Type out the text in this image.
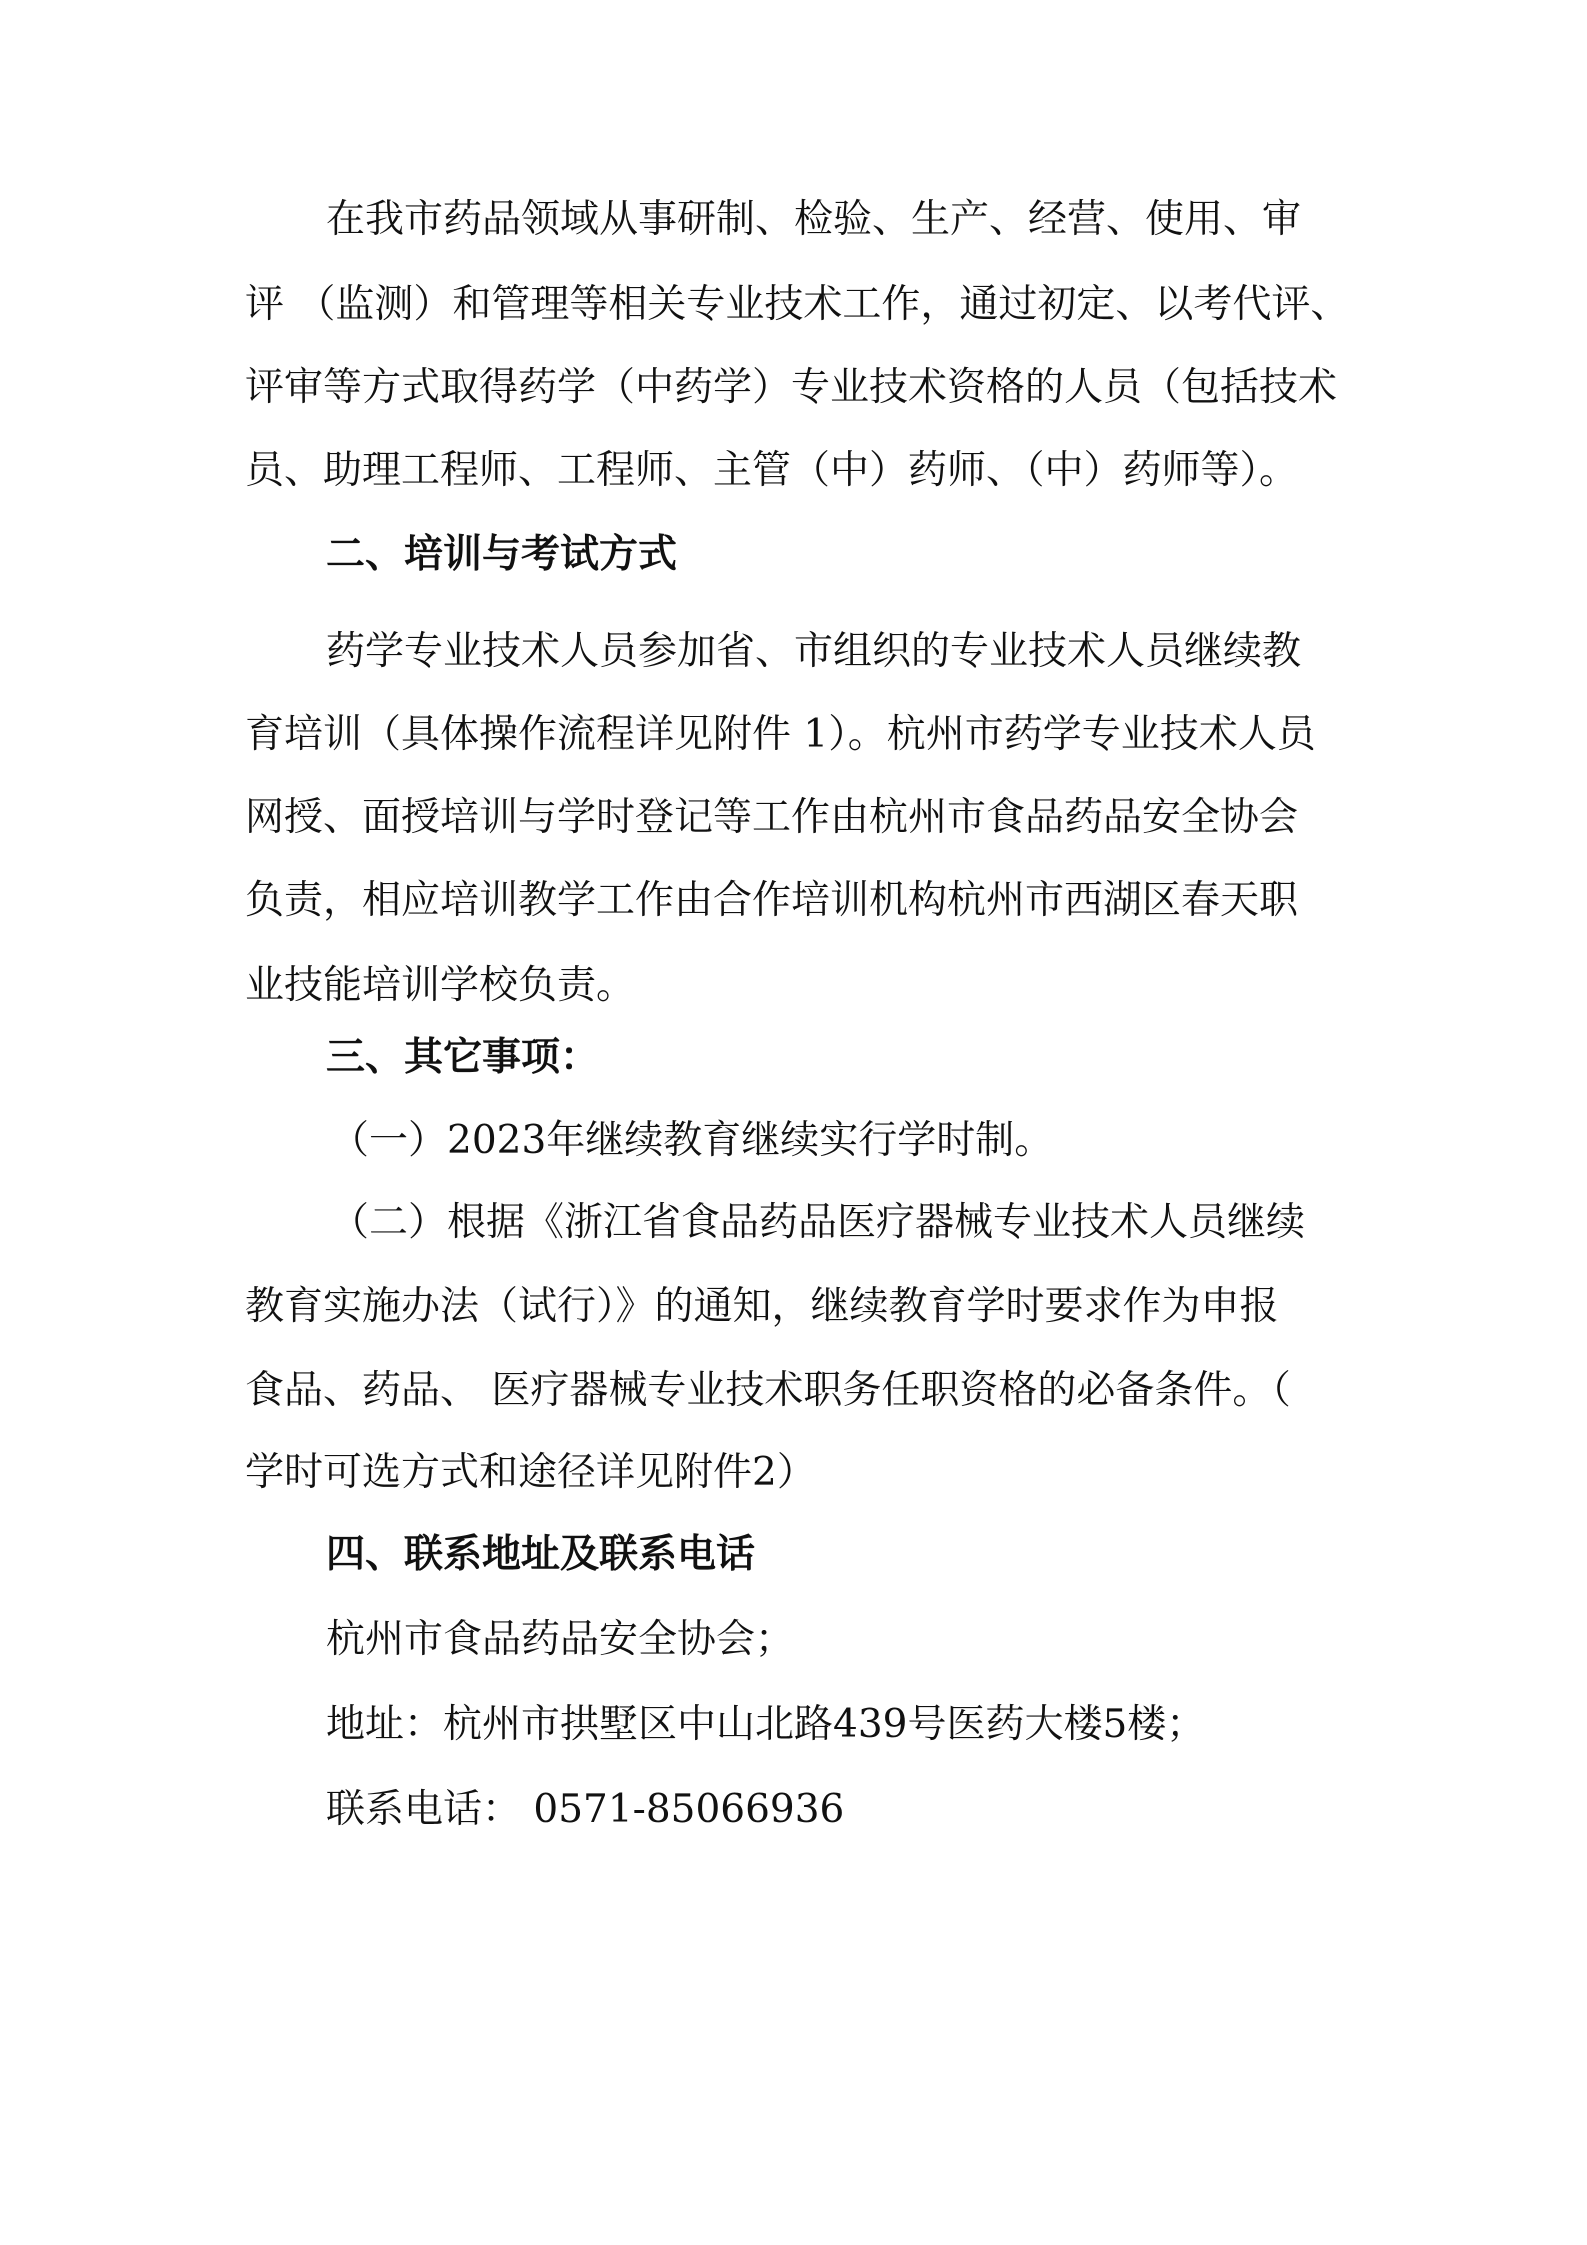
在我市药品领域从事研制、检验、生产、经营、使用、审

评 （监测）和管理等相关专业技术工作，通过初定、以考代评、

评审等方式取得药学（中药学）专业技术资格的人员（包括技术

员、助理工程师、工程师、主管（中）药师、（中）药师等）。

二、培训与考试方式

药学专业技术人员参加省、市组织的专业技术人员继续教

育培训（具体操作流程详见附件 1）。杭州市药学专业技术人员

网授、面授培训与学时登记等工作由杭州市食品药品安全协会

负责，相应培训教学工作由合作培训机构杭州市西湖区春天职

业技能培训学校负责。

三、其它事项：

（一）2023年继续教育继续实行学时制。

（二）根据《浙江省食品药品医疗器械专业技术人员继续

教育实施办法（试行）》的通知，继续教育学时要求作为申报

食品、药品、 医疗器械专业技术职务任职资格的必备条件。（

学时可选方式和途径详见附件2）

四、联系地址及联系电话

杭州市食品药品安全协会；

地址：杭州市拱墅区中山北路439号医药大楼5楼；

联系电话： 0571-85066936
